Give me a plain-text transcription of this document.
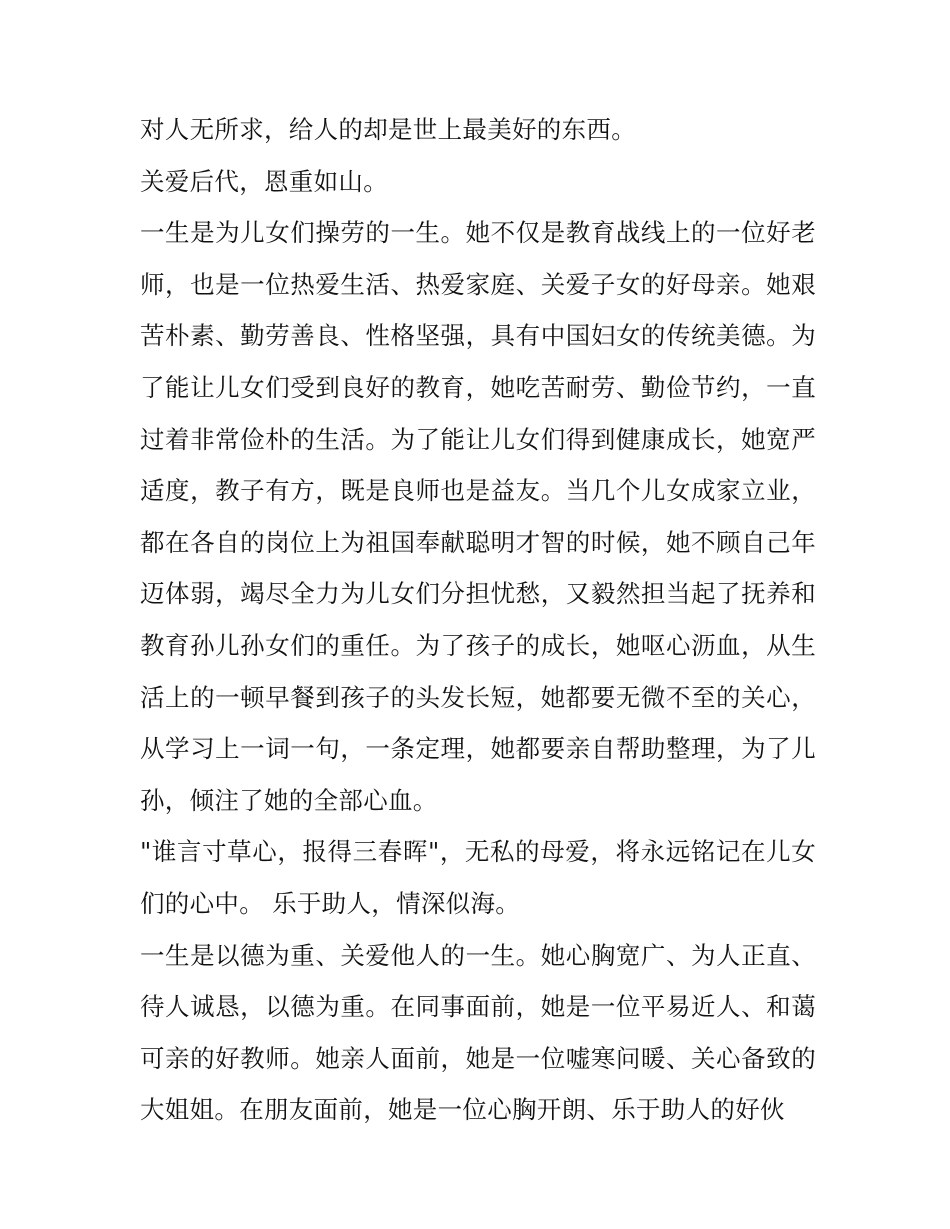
对人无所求，给人的却是世上最美好的东西。

关爱后代，恩重如山。

一生是为儿女们操劳的一生。她不仅是教育战线上的一位好老师，也是一位热爱生活、热爱家庭、关爱子女的好母亲。她艰苦朴素、勤劳善良、性格坚强，具有中国妇女的传统美德。为了能让儿女们受到良好的教育，她吃苦耐劳、勤俭节约，一直过着非常俭朴的生活。为了能让儿女们得到健康成长，她宽严适度，教子有方，既是良师也是益友。当几个儿女成家立业，都在各自的岗位上为祖国奉献聪明才智的时候，她不顾自己年迈体弱，竭尽全力为儿女们分担忧愁，又毅然担当起了抚养和教育孙儿孙女们的重任。为了孩子的成长，她呕心沥血，从生活上的一顿早餐到孩子的头发长短，她都要无微不至的关心，从学习上一词一句，一条定理，她都要亲自帮助整理，为了儿孙，倾注了她的全部心血。

"谁言寸草心，报得三春晖"，无私的母爱，将永远铭记在儿女们的心中。 乐于助人，情深似海。

一生是以德为重、关爱他人的一生。她心胸宽广、为人正直、待人诚恳，以德为重。在同事面前，她是一位平易近人、和蔼可亲的好教师。她亲人面前，她是一位嘘寒问暖、关心备致的大姐姐。在朋友面前，她是一位心胸开朗、乐于助人的好伙
